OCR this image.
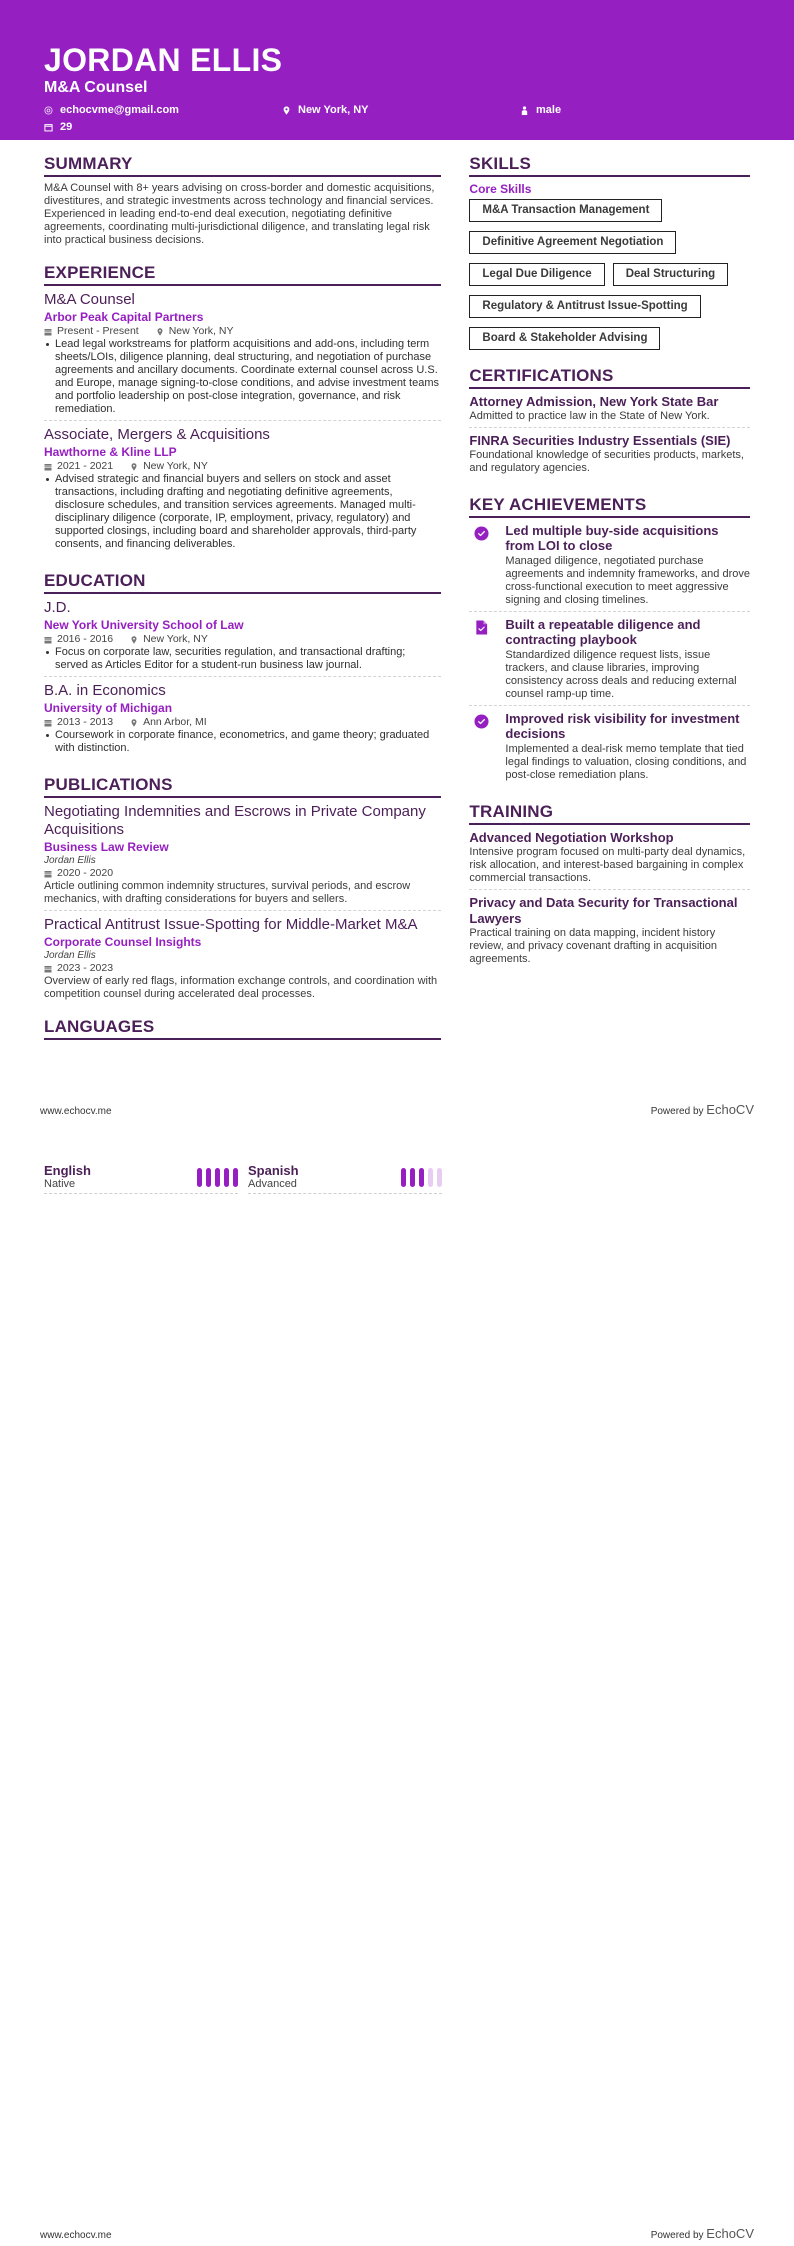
JORDAN ELLIS
M&A Counsel
echocvme@gmail.com	New York, NY	male
29
SUMMARY

M&A Counsel with 8+ years advising on cross-border and domestic acquisitions, divestitures, and strategic investments across technology and financial services. Experienced in leading end-to-end deal execution, negotiating definitive agreements, coordinating multi-jurisdictional diligence, and translating legal risk into practical business decisions.

EXPERIENCE
M&A Counsel
Arbor Peak Capital Partners
Present - Present	New York, NY
Lead legal workstreams for platform acquisitions and add-ons, including term sheets/LOIs, diligence planning, deal structuring, and negotiation of purchase agreements and ancillary documents. Coordinate external counsel across U.S. and Europe, manage signing-to-close conditions, and advise investment teams and portfolio leadership on post-close integration, governance, and risk remediation.
Associate, Mergers & Acquisitions
Hawthorne & Kline LLP
2021 - 2021	New York, NY
Advised strategic and financial buyers and sellers on stock and asset transactions, including drafting and negotiating definitive agreements, disclosure schedules, and transition services agreements. Managed multi-disciplinary diligence (corporate, IP, employment, privacy, regulatory) and supported closings, including board and shareholder approvals, third-party consents, and financing deliverables.
EDUCATION
J.D.
New York University School of Law
2016 - 2016	New York, NY
Focus on corporate law, securities regulation, and transactional drafting; served as Articles Editor for a student-run business law journal.
B.A. in Economics
University of Michigan
2013 - 2013	Ann Arbor, MI
Coursework in corporate finance, econometrics, and game theory; graduated with distinction.
PUBLICATIONS
Negotiating Indemnities and Escrows in Private Company Acquisitions
Business Law Review
Jordan Ellis
2020 - 2020

Article outlining common indemnity structures, survival periods, and escrow mechanics, with drafting considerations for buyers and sellers.

Practical Antitrust Issue-Spotting for Middle-Market M&A
Corporate Counsel Insights
Jordan Ellis
2023 - 2023

Overview of early red flags, information exchange controls, and coordination with competition counsel during accelerated deal processes.

LANGUAGES
SKILLS
Core Skills
M&A Transaction Management
Definitive Agreement Negotiation
Legal Due Diligence	Deal Structuring
Regulatory & Antitrust Issue-Spotting
Board & Stakeholder Advising
CERTIFICATIONS
Attorney Admission, New York State Bar

Admitted to practice law in the State of New York.

FINRA Securities Industry Essentials (SIE)

Foundational knowledge of securities products, markets, and regulatory agencies.

KEY ACHIEVEMENTS
Led multiple buy-side acquisitions from LOI to close

Managed diligence, negotiated purchase agreements and indemnity frameworks, and drove cross-functional execution to meet aggressive signing and closing timelines.

Built a repeatable diligence and contracting playbook

Standardized diligence request lists, issue trackers, and clause libraries, improving consistency across deals and reducing external counsel ramp-up time.

Improved risk visibility for investment decisions

Implemented a deal-risk memo template that tied legal findings to valuation, closing conditions, and post-close remediation plans.

TRAINING
Advanced Negotiation Workshop

Intensive program focused on multi-party deal dynamics, risk allocation, and interest-based bargaining in complex commercial transactions.

Privacy and Data Security for Transactional Lawyers

Practical training on data mapping, incident history review, and privacy covenant drafting in acquisition agreements.

www.echocv.me	Powered by EchoCV
English
Native
Spanish
Advanced
www.echocv.me	Powered by EchoCV
